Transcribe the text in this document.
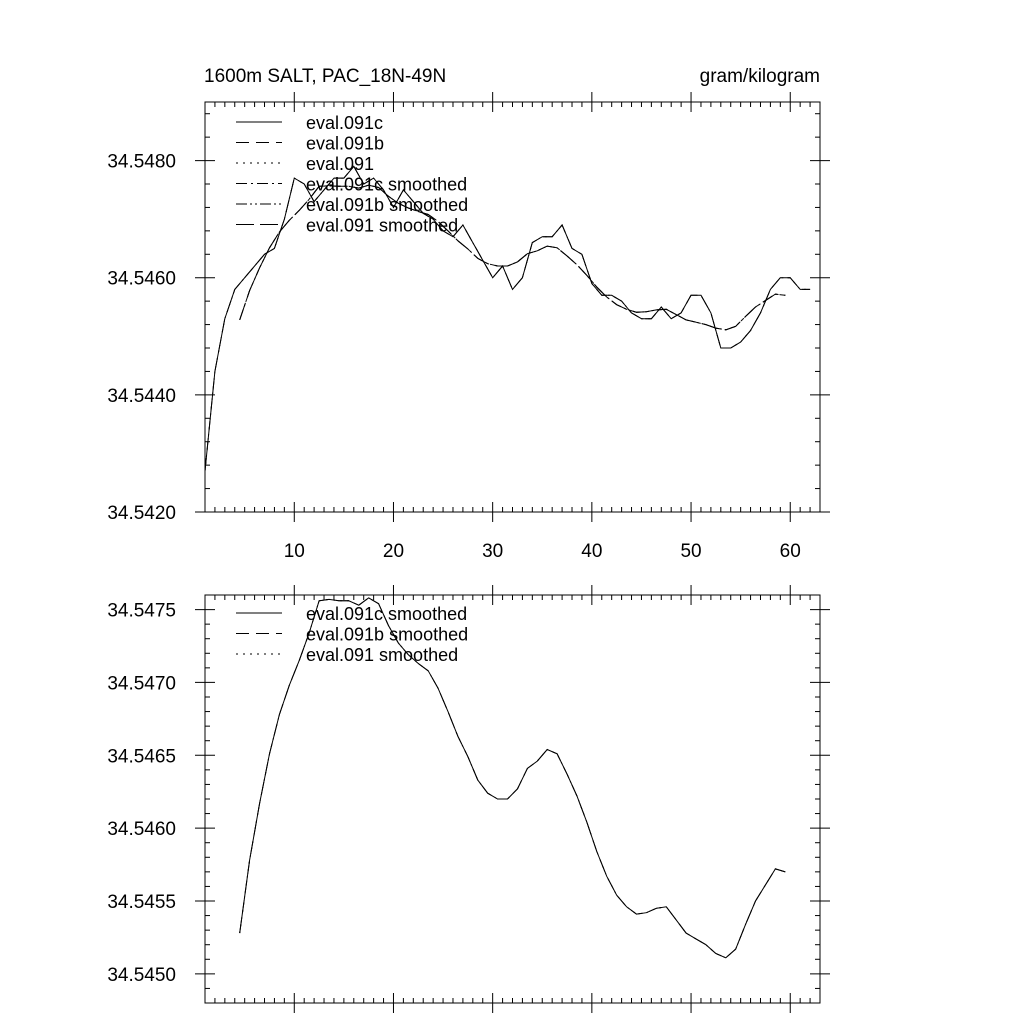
1600m SALT, PAC_18N-49N	gram/kilogram
10	20	30	40	50	60
34.5420
34.5440
34.5460
34.5480
eval.091c
eval.091b
eval.091
eval.091c smoothed
eval.091b smoothed
eval.091 smoothed
34.5450
34.5455
34.5460
34.5465
34.5470
34.5475	eval.091c smoothed
eval.091b smoothed
eval.091 smoothed
